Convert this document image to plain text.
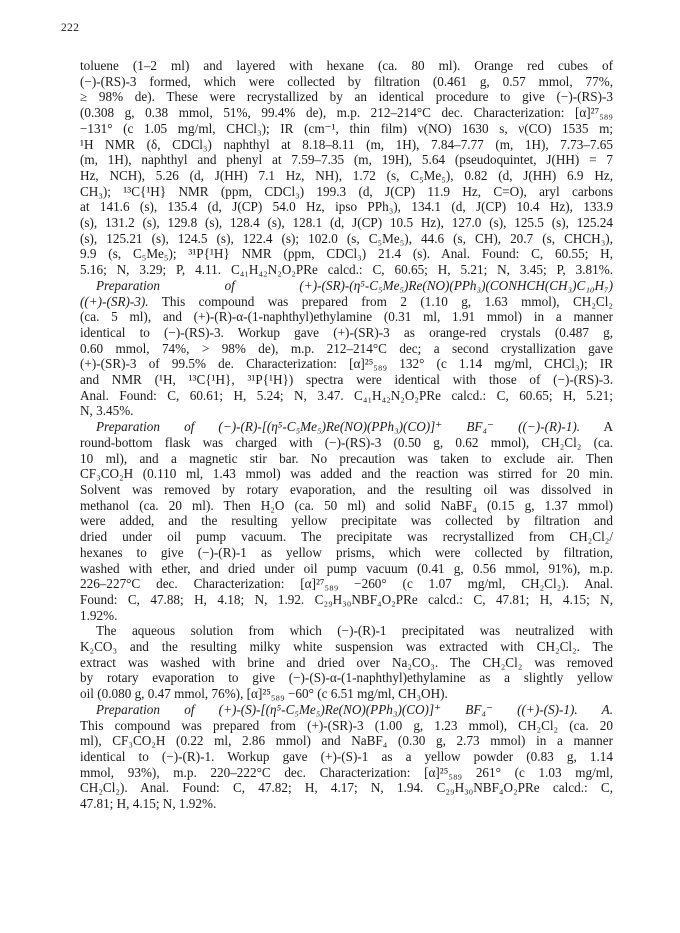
222
toluene (1–2 ml) and layered with hexane (ca. 80 ml). Orange red cubes of
(−)-(RS)-3 formed, which were collected by filtration (0.461 g, 0.57 mmol, 77%,
≥ 98% de). These were recrystallized by an identical procedure to give (−)-(RS)-3
(0.308 g, 0.38 mmol, 51%, 99.4% de), m.p. 212–214°C dec. Characterization: [α]²⁷₅₈₉
−131° (c 1.05 mg/ml, CHCl₃); IR (cm⁻¹, thin film) ν(NO) 1630 s, ν(CO) 1535 m;
¹H NMR (δ, CDCl₃) naphthyl at 8.18–8.11 (m, 1H), 7.84–7.77 (m, 1H), 7.73–7.65
(m, 1H), naphthyl and phenyl at 7.59–7.35 (m, 19H), 5.64 (pseudoquintet, J(HH) = 7
Hz, NCH), 5.26 (d, J(HH) 7.1 Hz, NH), 1.72 (s, C₅Me₅), 0.82 (d, J(HH) 6.9 Hz,
CH₃); ¹³C{¹H} NMR (ppm, CDCl₃) 199.3 (d, J(CP) 11.9 Hz, C=O), aryl carbons
at 141.6 (s), 135.4 (d, J(CP) 54.0 Hz, ipso PPh₃), 134.1 (d, J(CP) 10.4 Hz), 133.9
(s), 131.2 (s), 129.8 (s), 128.4 (s), 128.1 (d, J(CP) 10.5 Hz), 127.0 (s), 125.5 (s), 125.24
(s), 125.21 (s), 124.5 (s), 122.4 (s); 102.0 (s, C₅Me₅), 44.6 (s, CH), 20.7 (s, CHCH₃),
9.9 (s, C₅Me₅); ³¹P{¹H} NMR (ppm, CDCl₃) 21.4 (s). Anal. Found: C, 60.55; H,
5.16; N, 3.29; P, 4.11. C₄₁H₄₂N₂O₂PRe calcd.: C, 60.65; H, 5.21; N, 3.45; P, 3.81%.
Preparation of (+)-(SR)-(η⁵-C₅Me₅)Re(NO)(PPh₃)(CONHCH(CH₃)C₁₀H₇)
((+)-(SR)-3). This compound was prepared from 2 (1.10 g, 1.63 mmol), CH₂Cl₂
(ca. 5 ml), and (+)-(R)-α-(1-naphthyl)ethylamine (0.31 ml, 1.91 mmol) in a manner
identical to (−)-(RS)-3. Workup gave (+)-(SR)-3 as orange-red crystals (0.487 g,
0.60 mmol, 74%, > 98% de), m.p. 212–214°C dec; a second crystallization gave
(+)-(SR)-3 of 99.5% de. Characterization: [α]²⁵₅₈₉ 132° (c 1.14 mg/ml, CHCl₃); IR
and NMR (¹H, ¹³C{¹H}, ³¹P{¹H}) spectra were identical with those of (−)-(RS)-3.
Anal. Found: C, 60.61; H, 5.24; N, 3.47. C₄₁H₄₂N₂O₂PRe calcd.: C, 60.65; H, 5.21;
N, 3.45%.
Preparation of (−)-(R)-[(η⁵-C₅Me₅)Re(NO)(PPh₃)(CO)]⁺ BF₄⁻ ((−)-(R)-1). A
round-bottom flask was charged with (−)-(RS)-3 (0.50 g, 0.62 mmol), CH₂Cl₂ (ca.
10 ml), and a magnetic stir bar. No precaution was taken to exclude air. Then
CF₃CO₂H (0.110 ml, 1.43 mmol) was added and the reaction was stirred for 20 min.
Solvent was removed by rotary evaporation, and the resulting oil was dissolved in
methanol (ca. 20 ml). Then H₂O (ca. 50 ml) and solid NaBF₄ (0.15 g, 1.37 mmol)
were added, and the resulting yellow precipitate was collected by filtration and
dried under oil pump vacuum. The precipitate was recrystallized from CH₂Cl₂/
hexanes to give (−)-(R)-1 as yellow prisms, which were collected by filtration,
washed with ether, and dried under oil pump vacuum (0.41 g, 0.56 mmol, 91%), m.p.
226–227°C dec. Characterization: [α]²⁷₅₈₉ −260° (c 1.07 mg/ml, CH₂Cl₂). Anal.
Found: C, 47.88; H, 4.18; N, 1.92. C₂₉H₃₀NBF₄O₂PRe calcd.: C, 47.81; H, 4.15; N,
1.92%.
The aqueous solution from which (−)-(R)-1 precipitated was neutralized with
K₂CO₃ and the resulting milky white suspension was extracted with CH₂Cl₂. The
extract was washed with brine and dried over Na₂CO₃. The CH₂Cl₂ was removed
by rotary evaporation to give (−)-(S)-α-(1-naphthyl)ethylamine as a slightly yellow
oil (0.080 g, 0.47 mmol, 76%), [α]²⁵₅₈₉ −60° (c 6.51 mg/ml, CH₃OH).
Preparation of (+)-(S)-[(η⁵-C₅Me₅)Re(NO)(PPh₃)(CO)]⁺ BF₄⁻ ((+)-(S)-1). A.
This compound was prepared from (+)-(SR)-3 (1.00 g, 1.23 mmol), CH₂Cl₂ (ca. 20
ml), CF₃CO₂H (0.22 ml, 2.86 mmol) and NaBF₄ (0.30 g, 2.73 mmol) in a manner
identical to (−)-(R)-1. Workup gave (+)-(S)-1 as a yellow powder (0.83 g, 1.14
mmol, 93%), m.p. 220–222°C dec. Characterization: [α]²⁵₅₈₉ 261° (c 1.03 mg/ml,
CH₂Cl₂). Anal. Found: C, 47.82; H, 4.17; N, 1.94. C₂₉H₃₀NBF₄O₂PRe calcd.: C,
47.81; H, 4.15; N, 1.92%.
